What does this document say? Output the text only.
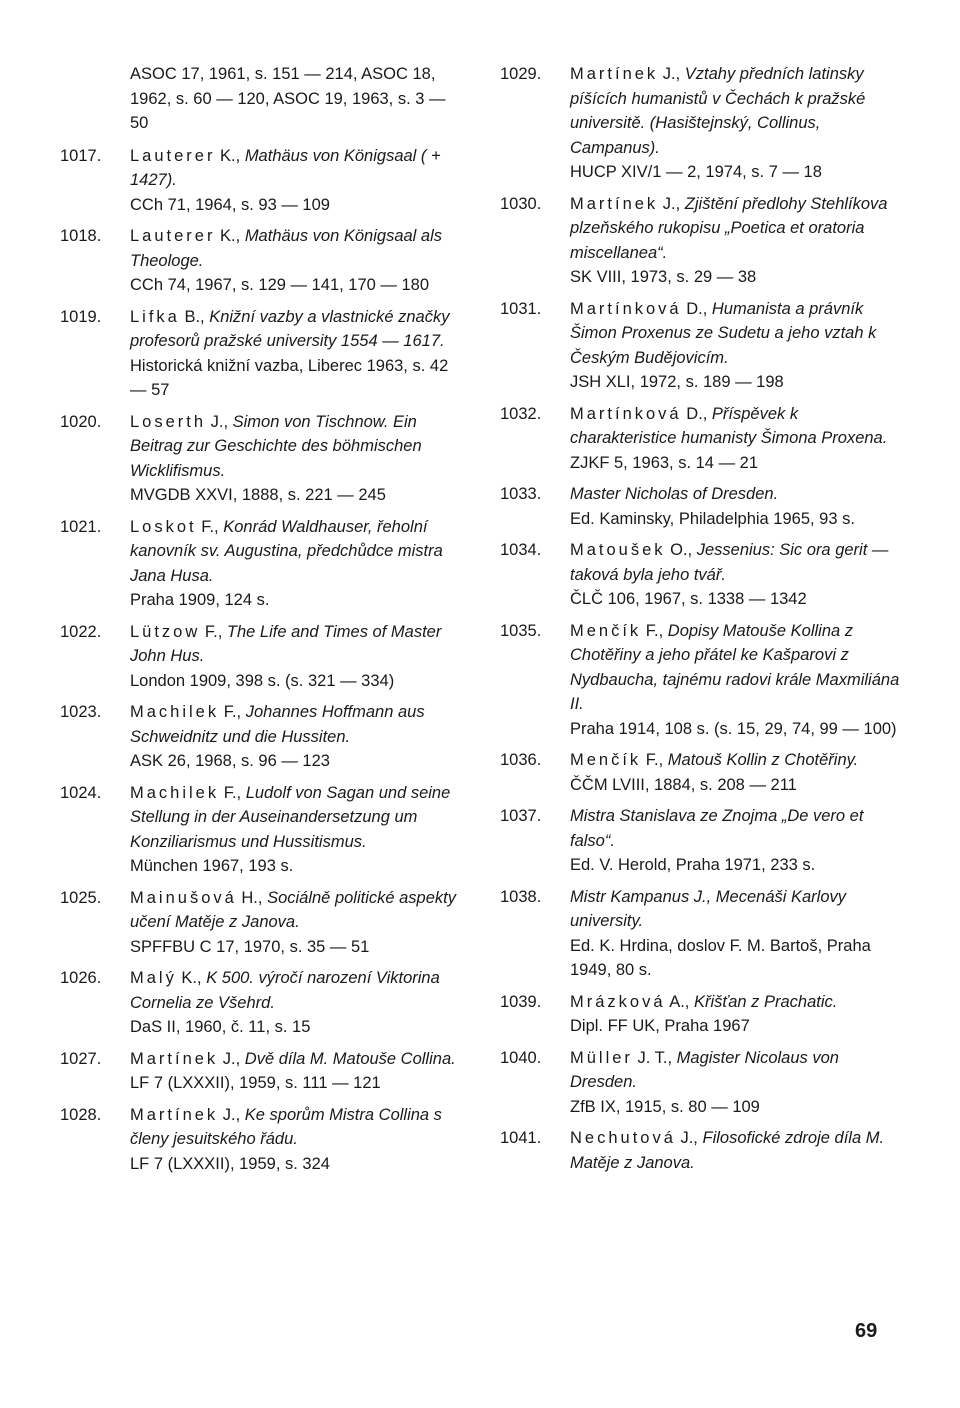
ASOC 17, 1961, s. 151 — 214, ASOC 18, 1962, s. 60 — 120, ASOC 19, 1963, s. 3 — 50
1017.	Lauterer K., Mathäus von Königsaal ( + 1427).
CCh 71, 1964, s. 93 — 109
1018.	Lauterer K., Mathäus von Königsaal als Theologe.
CCh 74, 1967, s. 129 — 141, 170 — 180
1019.	Lifka B., Knižní vazby a vlastnické značky profesorů pražské university 1554 — 1617.
Historická knižní vazba, Liberec 1963, s. 42 — 57
1020.	Loserth J., Simon von Tischnow. Ein Beitrag zur Geschichte des böhmischen Wicklifismus.
MVGDB XXVI, 1888, s. 221 — 245
1021.	Loskot F., Konrád Waldhauser, řeholní kanovník sv. Augustina, předchůdce mistra Jana Husa.
Praha 1909, 124 s.
1022.	Lützow F., The Life and Times of Master John Hus.
London 1909, 398 s. (s. 321 — 334)
1023.	Machilek F., Johannes Hoffmann aus Schweidnitz und die Hussiten.
ASK 26, 1968, s. 96 — 123
1024.	Machilek F., Ludolf von Sagan und seine Stellung in der Auseinandersetzung um Konziliarismus und Hussitismus.
München 1967, 193 s.
1025.	Mainušová H., Sociálně politické aspekty učení Matěje z Janova.
SPFFBU C 17, 1970, s. 35 — 51
1026.	Malý K., K 500. výročí narození Viktorina Cornelia ze Všehrd.
DaS II, 1960, č. 11, s. 15
1027.	Martínek J., Dvě díla M. Matouše Collina.
LF 7 (LXXXII), 1959, s. 111 — 121
1028.	Martínek J., Ke sporům Mistra Collina s členy jesuitského řádu.
LF 7 (LXXXII), 1959, s. 324
1029.	Martínek J., Vztahy předních latinsky píšících humanistů v Čechách k pražské universitě. (Hasištejnský, Collinus, Campanus).
HUCP XIV/1 — 2, 1974, s. 7 — 18
1030.	Martínek J., Zjištění předlohy Stehlíkova plzeňského rukopisu „Poetica et oratoria miscellanea“.
SK VIII, 1973, s. 29 — 38
1031.	Martínková D., Humanista a právník Šimon Proxenus ze Sudetu a jeho vztah k Českým Budějovicím.
JSH XLI, 1972, s. 189 — 198
1032.	Martínková D., Příspěvek k charakteristice humanisty Šimona Proxena.
ZJKF 5, 1963, s. 14 — 21
1033.	Master Nicholas of Dresden.
Ed. Kaminsky, Philadelphia 1965, 93 s.
1034.	Matoušek O., Jessenius: Sic ora gerit — taková byla jeho tvář.
ČLČ 106, 1967, s. 1338 — 1342
1035.	Menčík F., Dopisy Matouše Kollina z Chotěřiny a jeho přátel ke Kašparovi z Nydbaucha, tajnému radovi krále Maxmiliána II.
Praha 1914, 108 s. (s. 15, 29, 74, 99 — 100)
1036.	Menčík F., Matouš Kollin z Chotěřiny.
ČČM LVIII, 1884, s. 208 — 211
1037.	Mistra Stanislava ze Znojma „De vero et falso“.
Ed. V. Herold, Praha 1971, 233 s.
1038.	Mistr Kampanus J., Mecenáši Karlovy university.
Ed. K. Hrdina, doslov F. M. Bartoš, Praha 1949, 80 s.
1039.	Mrázková A., Křišťan z Prachatic.
Dipl. FF UK, Praha 1967
1040.	Müller J. T., Magister Nicolaus von Dresden.
ZfB IX, 1915, s. 80 — 109
1041.	Nechutová J., Filosofické zdroje díla M. Matěje z Janova.
69
